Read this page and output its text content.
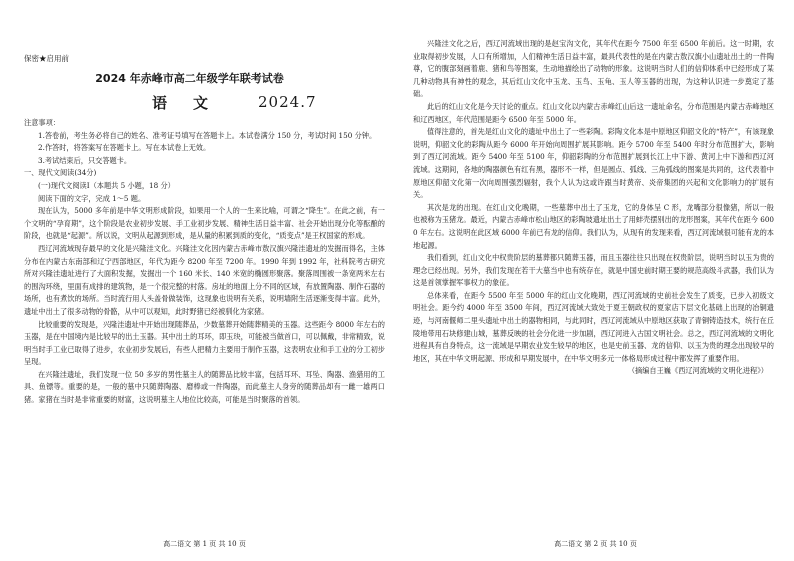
保密★启用前
2024 年赤峰市高二年级学年联考试卷
语文 2024.7

注意事项：

1.答卷前，考生务必将自己的姓名、准考证号填写在答题卡上。本试卷满分 150 分，考试时间 150 分钟。

2.作答时，将答案写在答题卡上。写在本试卷上无效。

3.考试结束后，只交答题卡。

一、现代文阅读(34分)

(一)现代文阅读Ⅰ（本题共 5 小题，18 分）

阅读下面的文字，完成 1～5 题。

现在认为，5000 多年前是中华文明形成阶段，如果用一个人的一生来比喻，可谓之“降生”。在此之前，有一个文明的“孕育期”，这个阶段是农业初步发展、手工业初步发展、精神生活日益丰富、社会开始出现分化等酝酿的阶段，也就是“起源”。所以说，文明从起源到形成，是从量的积累到质的变化，“质变点”是王权国家的形成。

西辽河流域现存最早的文化是兴隆洼文化。兴隆洼文化因内蒙古赤峰市敖汉旗兴隆洼遗址的发掘而得名，主体分布在内蒙古东南部和辽宁西部地区，年代为距今 8200 年至 7200 年。1990 年到 1992 年，社科院考古研究所对兴隆洼遗址进行了大面积发掘，发掘出一个 160 米长、140 米宽的椭圆形聚落。聚落周围被一条宽两米左右的围沟环绕，里面有成排的建筑物，是一个很完整的村落。房址的地面上分不同的区域，有放置陶器、制作石器的场所，也有煮饮的场所。当时流行用人头盖骨做装饰，这现象也说明有关系，说明墙附生活逐渐变得丰富。此外，遗址中出土了很多动物的骨骼，从中可以观知，此时野猪已经被驯化为家猪。

比较重要的发现是，兴隆洼遗址中开始出现随葬品，少数墓葬开始随葬精美的玉器。这些距今 8000 年左右的玉器，是在中国境内是比较早的出土玉器。其中出土的耳环，即玉玦，可能被当做首口，可以佩戴，非常精致，说明当时手工业已取得了进步，农业初步发展后，有些人把精力主要用于制作玉器，这表明农业和手工业的分工初步呈现。

在兴隆洼遗址，我们发现一位 50 多岁的男性墓主人的随葬品比较丰富，包括耳环、耳坠、陶器、渔猎用的工具、鱼镖等。重要的是，一般的墓中只随葬陶器、磨棒或一件陶器，而此墓主人身旁的随葬品却有一雌一雄两口猪。家猪在当时是非常重要的财富，这说明墓主人地位比较高，可能是当时聚落的首领。

高二语文 第 1 页 共 10 页

兴隆洼文化之后，西辽河流域出现的是赵宝沟文化，其年代在距今 7500 年至 6500 年前后。这一时期，农业取得初步发展，人口有所增加，人们精神生活日益丰富，最具代表性的是在内蒙古敖汉旗小山遗址出土的一件陶尊，它的腹部刻画着鹿、猪和鸟等图案，生动地描绘出了动物的形象。这说明当时人们的信仰体系中已经形成了某几种动物具有神性的观念，其后红山文化中玉龙、玉鸟、玉龟、玉人等玉器的出现，为这种认识进一步奠定了基础。

此后的红山文化是今天讨论的重点。红山文化以内蒙古赤峰红山后这一遗址命名，分布范围是内蒙古赤峰地区和辽西地区，年代范围是距今 6500 年至 5000 年。

值得注意的，首先是红山文化的遗址中出土了一些彩陶。彩陶文化本是中原地区仰韶文化的“特产”，有该现象说明，仰韶文化的彩陶从距今 6000 年开始向周围扩展其影响。距今 5700 年至 5400 年时分布范围扩大，影响到了西辽河流域。距今 5400 年至 5100 年，仰韶彩陶的分布范围扩展到长江上中下游、黄河上中下游和西辽河流域。这期间，各地的陶器颜色有红有黑，器形不一样，但是圆点、弧线、三角弧线的图案是共同的，这代表着中原地区仰韶文化第一次向周围强烈辐射，我个人认为这或许跟当时黄帝、炎帝集团的兴起和文化影响力的扩展有关。

其次是龙的出现。在红山文化晚期，一些墓葬中出土了玉龙，它的身体呈 C 形，龙嘴部分很像猪，所以一般也被称为玉猪龙。最近，内蒙古赤峰市松山地区的彩陶坡遗址出土了用蚌壳摆别出的龙形图案，其年代在距今 6000 年左右。这说明在此区域 6000 年前已有龙的信仰。我们认为，从现有的发现来看，西辽河流域很可能有龙的本地起源。

我们看到，红山文化中权贵阶层的墓葬都只随葬玉器，而且玉器往往只出现在权贵阶层，说明当时以玉为贵的理念已经出现。另外，我们发现在若干大墓当中也有统存在，就是中国史前时期王要的规范高级斗武器，我们认为这是首领掌握军事权力的象征。

总体来看，在距今 5500 年至 5000 年的红山文化晚期，西辽河流域的史前社会发生了质变，已步入初级文明社会。距今约 4000 年至 3500 年间，西辽河流域大致处于夏王朝政权的夏家店下层文化基础上出现的冶铜遗迹，与河南偃师二里头遗址中出土的器物相同，与此同时，西辽河流域从中原地区获取了青铜铸造技术，统行在丘陵地带用石块修建山城，墓葬反映的社会分化进一步加剧，西辽河进入古国文明社会。总之，西辽河流域的文明化进程具有自身特点，这一流域是早期农业发生较早的地区，也是史前玉器、龙的信仰、以玉为贵的理念出现较早的地区，其在中华文明起源、形成和早期发展中，在中华文明多元一体格局形成过程中都发挥了重要作用。

（摘编自王巍《西辽河流域的文明化进程》）

高二语文 第 2 页 共 10 页
